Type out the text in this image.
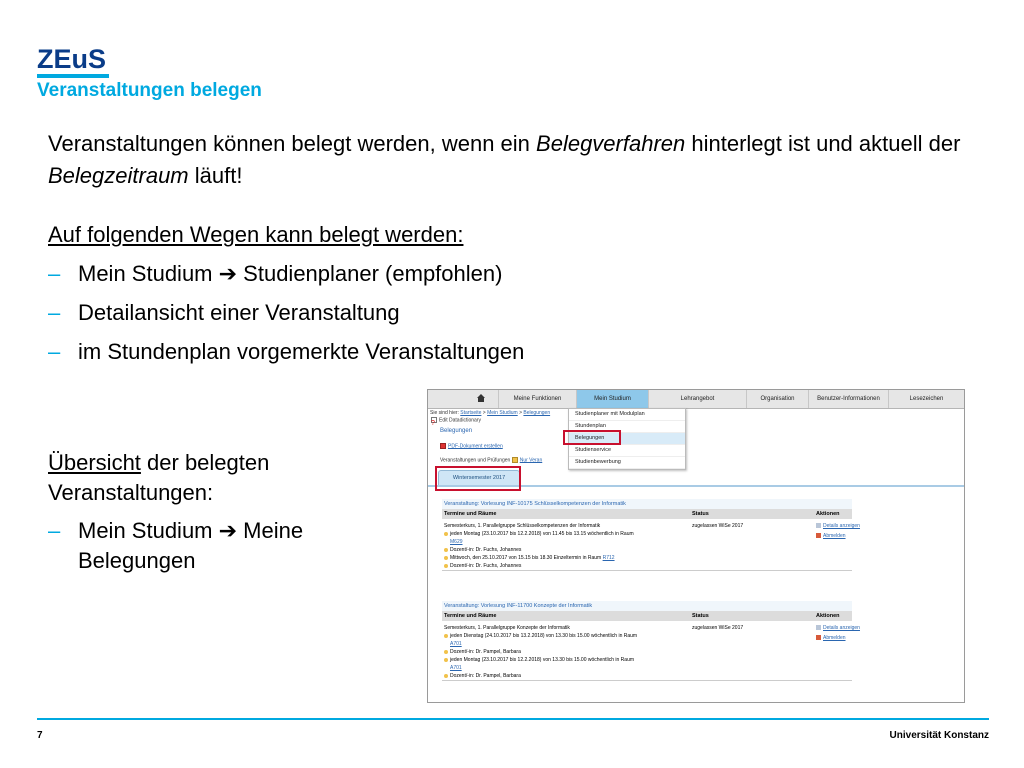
ZEuS
Veranstaltungen belegen

Veranstaltungen können belegt werden, wenn ein Belegverfahren hinterlegt ist und aktuell der Belegzeitraum läuft!

Auf folgenden Wegen kann belegt werden:

– Mein Studium ➔ Studienplaner (empfohlen)
– Detailansicht einer Veranstaltung
– im Stundenplan vorgemerkte Veranstaltungen

Übersicht der belegten Veranstaltungen:

– Mein Studium ➔ Meine Belegungen
Meine Funktionen	Mein Studium	Lehrangebot	Organisation	Benutzer-Informationen	Lesezeichen
Sie sind hier: Startseite > Mein Studium > Belegungen
Edit Datadictionary
?
Belegungen
PDF-Dokument erstellen
Veranstaltungen und Prüfungen Nur Veran
Studienplaner mit Modulplan
Stundenplan
Belegungen
Studienservice
Studienbewerbung
Wintersemester 2017
Veranstaltung: Vorlesung INF-10175 Schlüsselkompetenzen der Informatik
Termine und Räume	Status	Aktionen
Semesterkurs, 1. Parallelgruppe Schlüsselkompetenzen der Informatik
jeden Montag (23.10.2017 bis 12.2.2018) von 11.45 bis 13.15 wöchentlich in Raum
M629
Dozent/-in: Dr. Fuchs, Johannes
Mittwoch, den 25.10.2017 von 15.15 bis 18.30 Einzeltermin in Raum R712
Dozent/-in: Dr. Fuchs, Johannes
zugelassen WiSe 2017	Details anzeigen
Abmelden
Veranstaltung: Vorlesung INF-11700 Konzepte der Informatik
Termine und Räume	Status	Aktionen
Semesterkurs, 1. Parallelgruppe Konzepte der Informatik
jeden Dienstag (24.10.2017 bis 13.2.2018) von 13.30 bis 15.00 wöchentlich in Raum
A701
Dozent/-in: Dr. Pampel, Barbara
jeden Montag (23.10.2017 bis 12.2.2018) von 13.30 bis 15.00 wöchentlich in Raum
A701
Dozent/-in: Dr. Pampel, Barbara
zugelassen WiSe 2017	Details anzeigen
Abmelden
7	Universität Konstanz
